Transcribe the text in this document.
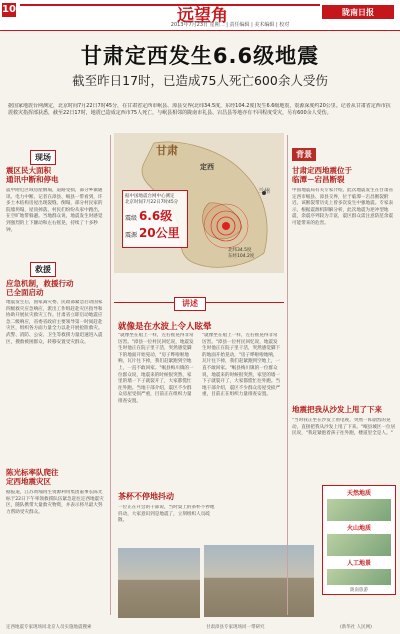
10	远望角
2013年7月23日 星期二 | 责任编辑 | 美术编辑 | 校对
陇南日报
甘肃定西发生6.6级地震
截至昨日17时，已造成75人死亡600余人受伤
据国家地震台网测定，北京时间7月22日7时45分，在甘肃省定西市岷县、漳县交界(北纬34.5度，东经104.2度)发生6.6级地震，震源深度约20公里。记者从甘肃省定西市抗震救灾指挥部获悉，截至22日17时，地震已造成定西市75人死亡，与岷县相邻的陇南市礼县、宕昌县等地亦有不同程度受灾，另有600余人受伤。
现场
震区民大面积
通讯中断和停电
震中附近区域房屋倒塌，道路受损，部分乡镇通讯、电力中断。记者在漳县、岷县一带看到，许多土木结构房屋出现裂缝、倒塌，部分村民家的院墙坍塌，屋顶掉落，村民们纷纷从家中跑出，在空旷地带躲避。当地群众说，地震发生时感觉到强烈的上下颠动和左右摇晃，持续了十多秒钟。
救援
应急机制，救援行动
已全面启动
地震发生后，国家减灾委、民政部紧急启动国家四级救灾应急响应，派出工作组赶赴灾区指导和协助开展抗灾救灾工作。甘肃省立即启动地震应急二级响应，省委省政府主要领导第一时间赶赴灾区，组织各方面力量全力以赴开展抢险救灾。武警、消防、公安、卫生等救援力量迅速进入震区，搜救被困群众，转移安置受灾群众。
陈光标率队爬往
定西地震灾区
据报道，江苏黄埔再生资源利用集团董事长陈光标于22日下午率领救援队伍紧急赶往定西地震灾区，随队携带大量救灾物资，并表示将尽最大努力帮助受灾群众。
甘肃
定西
兰州
据中国地震台网中心测定
北京时间7月22日7时45分
震级 6.6级
震源 20公里
北纬34.5度
东经104.2度
讲述
就像是在水波上令人眩晕
"就像坐在船上一样，左右摇晃得非常厉害。"漳县一位村民回忆说，地震发生时他正在院子里干活，突然感觉脚下的地面开始晃动，"房子哗啦啦地响，瓦片往下掉，我们赶紧跑到空地上，一直不敢回家。"岷县梅川镇的一位群众说，地震来的时候很突然，家里的墙一下子就裂开了，大家都慌忙往外跑。当地干部介绍，震区不少群众房屋受损严重，目前正在组织力量排查安置。
"就像坐在船上一样，左右摇晃得非常厉害。"漳县一位村民回忆说，地震发生时他正在院子里干活，突然感觉脚下的地面开始晃动，"房子哗啦啦地响，瓦片往下掉，我们赶紧跑到空地上，一直不敢回家。"岷县梅川镇的一位群众说，地震来的时候很突然，家里的墙一下子就裂开了，大家都慌忙往外跑。当地干部介绍，震区不少群众房屋受损严重，目前正在组织力量排查安置。
茶杯不停地抖动
一位正在开会的干部说，当时桌上的茶杯不停地抖动，大家意识到是地震了，立刻组织人员疏散。
背景
甘肃定西地震位于
临潭－宕昌断裂
中国地震局有关专家介绍，此次地震发生在甘肃省定西市岷县、漳县交界，位于临潭－宕昌断裂附近。该断裂带历史上曾多次发生中强地震。专家表示，根据震源机制解分析，此次地震为逆冲型地震，余震序列较为丰富，震区群众需注意防范余震可能带来的危害。
地震把我从沙发上甩了下来
"当时我正坐在沙发上看电视，突然一阵剧烈的晃动，直接把我从沙发上甩了下来。"岷县城区一位居民说，"我赶紧抱着孩子往外跑，楼道里全是人。"
天然地质
火山地质
人工地景
陇南旅游
定西地震专家现场同北京人员实施地震搜索	甘肃漳县专家现场同一带研究	(新华社 人民网)
